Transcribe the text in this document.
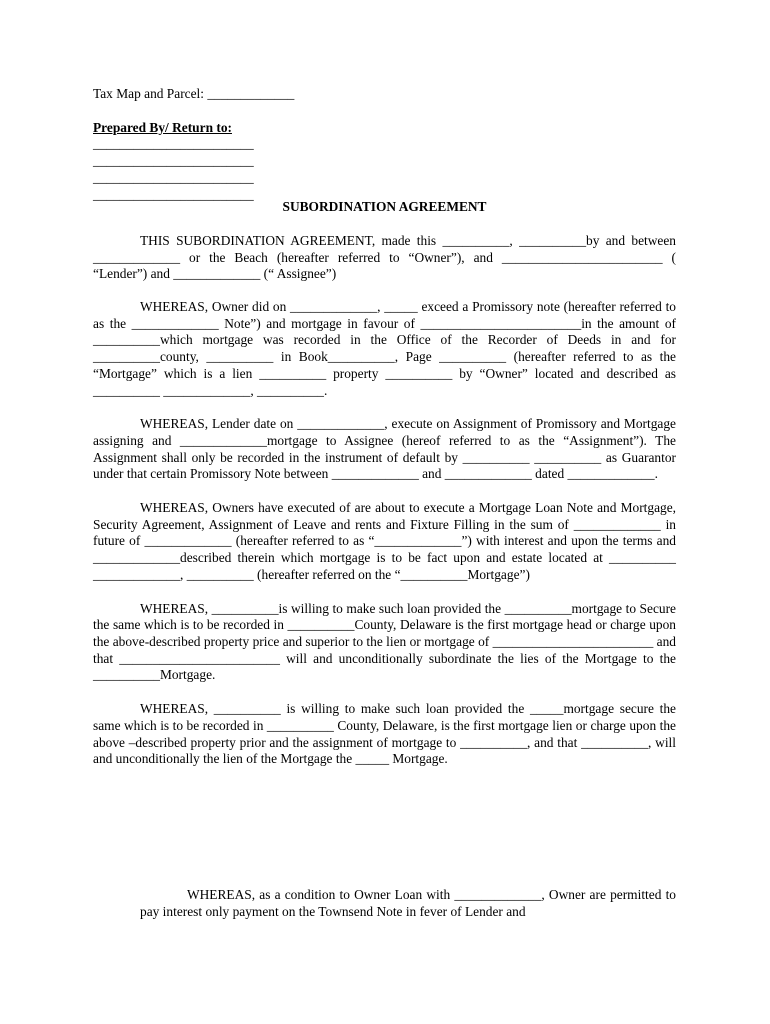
Tax Map and Parcel: _____________
Prepared By/ Return to:
________________________
________________________
________________________
________________________
SUBORDINATION AGREEMENT

THIS SUBORDINATION AGREEMENT, made this __________, __________by and between _____________ or the Beach (hereafter referred to “Owner”), and ________________________ ( “Lender”) and _____________ (“ Assignee”)

WHEREAS, Owner did on _____________, _____ exceed a Promissory note (hereafter referred to as the _____________ Note”) and mortgage in favour of ________________________in the amount of __________which mortgage was recorded in the Office of the Recorder of Deeds in and for __________county, __________ in Book__________, Page __________ (hereafter referred to as the “Mortgage” which is a lien __________ property __________ by “Owner” located and described as __________ _____________, __________.

WHEREAS, Lender date on _____________, execute on Assignment of Promissory and Mortgage assigning and _____________mortgage to Assignee (hereof referred to as the “Assignment”). The Assignment shall only be recorded in the instrument of default by __________ __________ as Guarantor under that certain Promissory Note between _____________ and _____________ dated _____________.

WHEREAS, Owners have executed of are about to execute a Mortgage Loan Note and Mortgage, Security Agreement, Assignment of Leave and rents and Fixture Filling in the sum of _____________ in future of _____________ (hereafter referred to as “_____________”) with interest and upon the terms and _____________described therein which mortgage is to be fact upon and estate located at __________ _____________, __________ (hereafter referred on the “__________Mortgage”)

WHEREAS, __________is willing to make such loan provided the __________mortgage to Secure the same which is to be recorded in __________County, Delaware is the first mortgage head or charge upon the above-described property price and superior to the lien or mortgage of ________________________ and that ________________________ will and unconditionally subordinate the lies of the Mortgage to the __________Mortgage.

WHEREAS, __________ is willing to make such loan provided the _____mortgage secure the same which is to be recorded in __________ County, Delaware, is the first mortgage lien or charge upon the above –described property prior and the assignment of mortgage to __________, and that __________, will and unconditionally the lien of the Mortgage the _____ Mortgage.

WHEREAS, as a condition to Owner Loan with _____________, Owner are permitted to pay interest only payment on the Townsend Note in fever of Lender and
